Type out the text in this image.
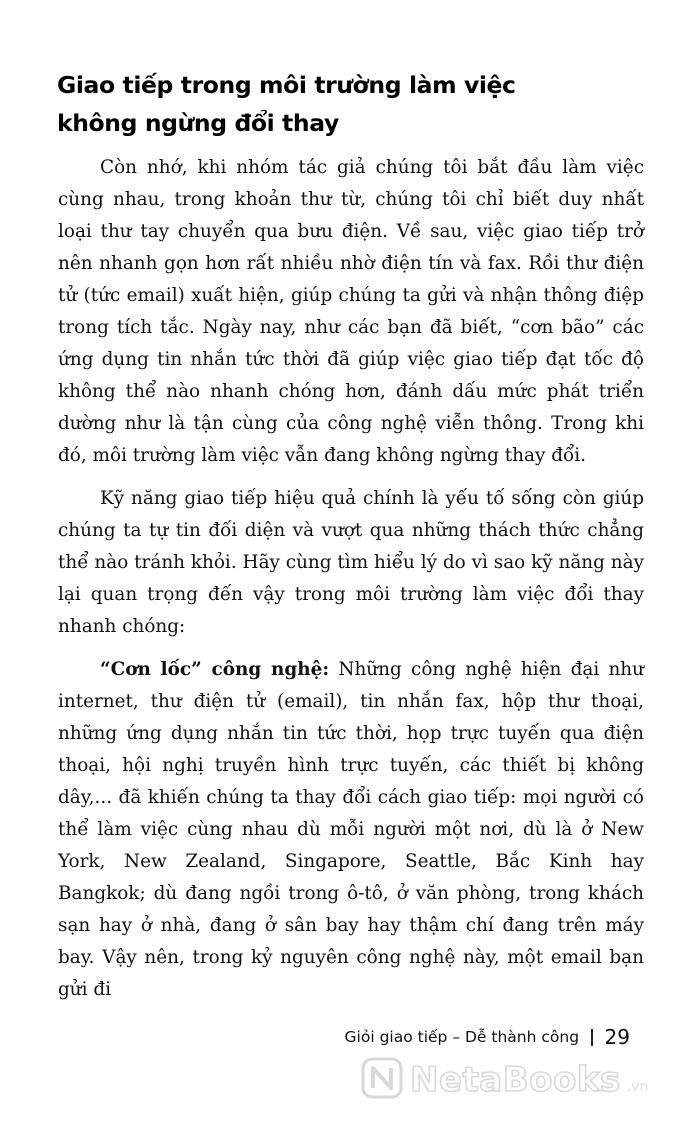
Giao tiếp trong môi trường làm việc
không ngừng đổi thay

Còn nhớ, khi nhóm tác giả chúng tôi bắt đầu làm việc cùng nhau, trong khoản thư từ, chúng tôi chỉ biết duy nhất loại thư tay chuyển qua bưu điện. Về sau, việc giao tiếp trở nên nhanh gọn hơn rất nhiều nhờ điện tín và fax. Rồi thư điện tử (tức email) xuất hiện, giúp chúng ta gửi và nhận thông điệp trong tích tắc. Ngày nay, như các bạn đã biết, “cơn bão” các ứng dụng tin nhắn tức thời đã giúp việc giao tiếp đạt tốc độ không thể nào nhanh chóng hơn, đánh dấu mức phát triển dường như là tận cùng của công nghệ viễn thông. Trong khi đó, môi trường làm việc vẫn đang không ngừng thay đổi.

Kỹ năng giao tiếp hiệu quả chính là yếu tố sống còn giúp chúng ta tự tin đối diện và vượt qua những thách thức chẳng thể nào tránh khỏi. Hãy cùng tìm hiểu lý do vì sao kỹ năng này lại quan trọng đến vậy trong môi trường làm việc đổi thay nhanh chóng:

“Cơn lốc” công nghệ: Những công nghệ hiện đại như internet, thư điện tử (email), tin nhắn fax, hộp thư thoại, những ứng dụng nhắn tin tức thời, họp trực tuyến qua điện thoại, hội nghị truyền hình trực tuyến, các thiết bị không dây,... đã khiến chúng ta thay đổi cách giao tiếp: mọi người có thể làm việc cùng nhau dù mỗi người một nơi, dù là ở New York, New Zealand, Singapore, Seattle, Bắc Kinh hay Bangkok; dù đang ngồi trong ô-tô, ở văn phòng, trong khách sạn hay ở nhà, đang ở sân bay hay thậm chí đang trên máy bay. Vậy nên, trong kỷ nguyên công nghệ này, một email bạn gửi đi

Giỏi giao tiếp – Dễ thành công 29
NetaBooks .vn
